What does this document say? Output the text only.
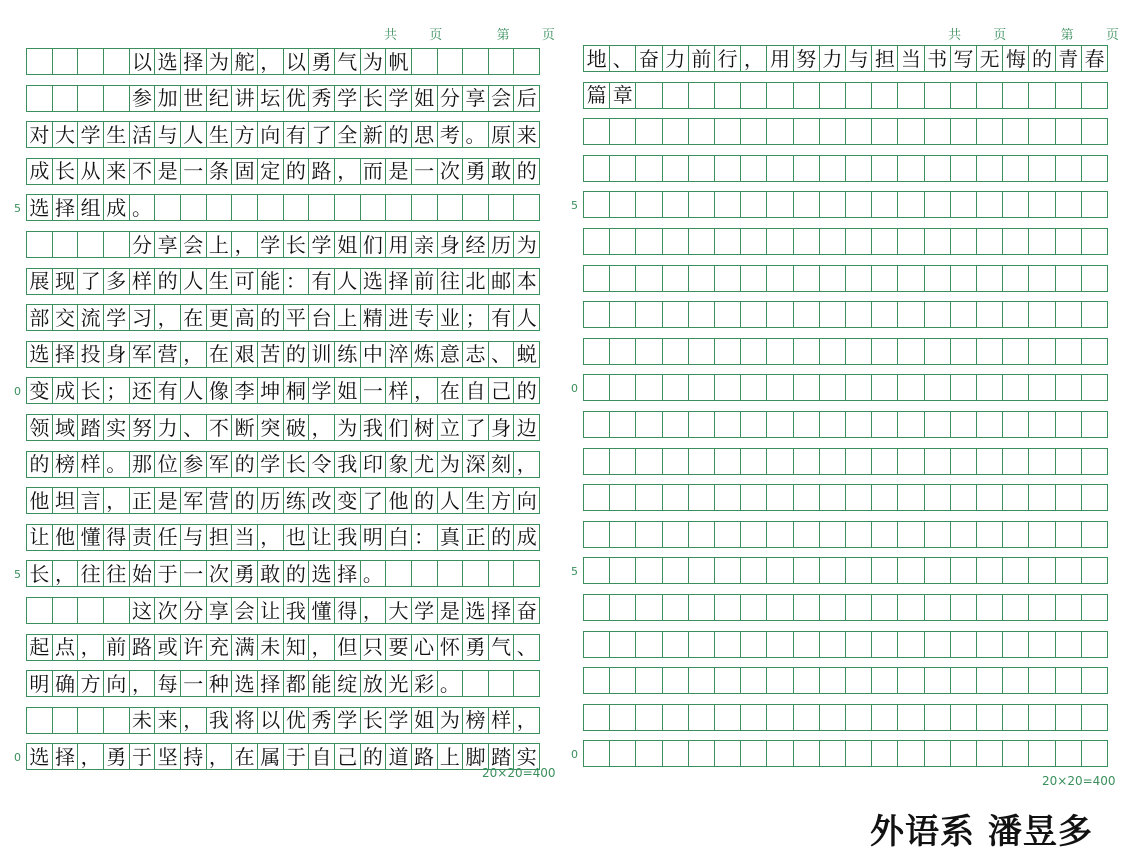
共 页	第 页
以 选 择 为 舵 ， 以 勇 气 为 帆
参 加 世 纪 讲 坛 优 秀 学 长 学 姐 分 享 会 后
对 大 学 生 活 与 人 生 方 向 有 了 全 新 的 思 考 。 原 来
成 长 从 来 不 是 一 条 固 定 的 路 ， 而 是 一 次 勇 敢 的
选 择 组 成 。
分 享 会 上 ， 学 长 学 姐 们 用 亲 身 经 历 为
展 现 了 多 样 的 人 生 可 能 ： 有 人 选 择 前 往 北 邮 本
部 交 流 学 习 ， 在 更 高 的 平 台 上 精 进 专 业 ； 有 人
选 择 投 身 军 营 ， 在 艰 苦 的 训 练 中 淬 炼 意 志 、 蜕
变 成 长 ； 还 有 人 像 李 坤 桐 学 姐 一 样 ， 在 自 己 的
领 域 踏 实 努 力 、 不 断 突 破 ， 为 我 们 树 立 了 身 边
的 榜 样 。 那 位 参 军 的 学 长 令 我 印 象 尤 为 深 刻 ，
他 坦 言 ， 正 是 军 营 的 历 练 改 变 了 他 的 人 生 方 向
让 他 懂 得 责 任 与 担 当 ， 也 让 我 明 白 ： 真 正 的 成
长 ， 往 往 始 于 一 次 勇 敢 的 选 择 。
这 次 分 享 会 让 我 懂 得 ， 大 学 是 选 择 奋
起 点 ， 前 路 或 许 充 满 未 知 ， 但 只 要 心 怀 勇 气 、
明 确 方 向 ， 每 一 种 选 择 都 能 绽 放 光 彩 。
未 来 ， 我 将 以 优 秀 学 长 学 姐 为 榜 样 ，
选 择 ， 勇 于 坚 持 ， 在 属 于 自 己 的 道 路 上 脚 踏 实
20×20=400
5
0
5
0
共 页	第 页
地 、 奋 力 前 行 ， 用 努 力 与 担 当 书 写 无 悔 的 青 春
篇 章
20×20=400
5
0
5
0
外语系 潘昱多
